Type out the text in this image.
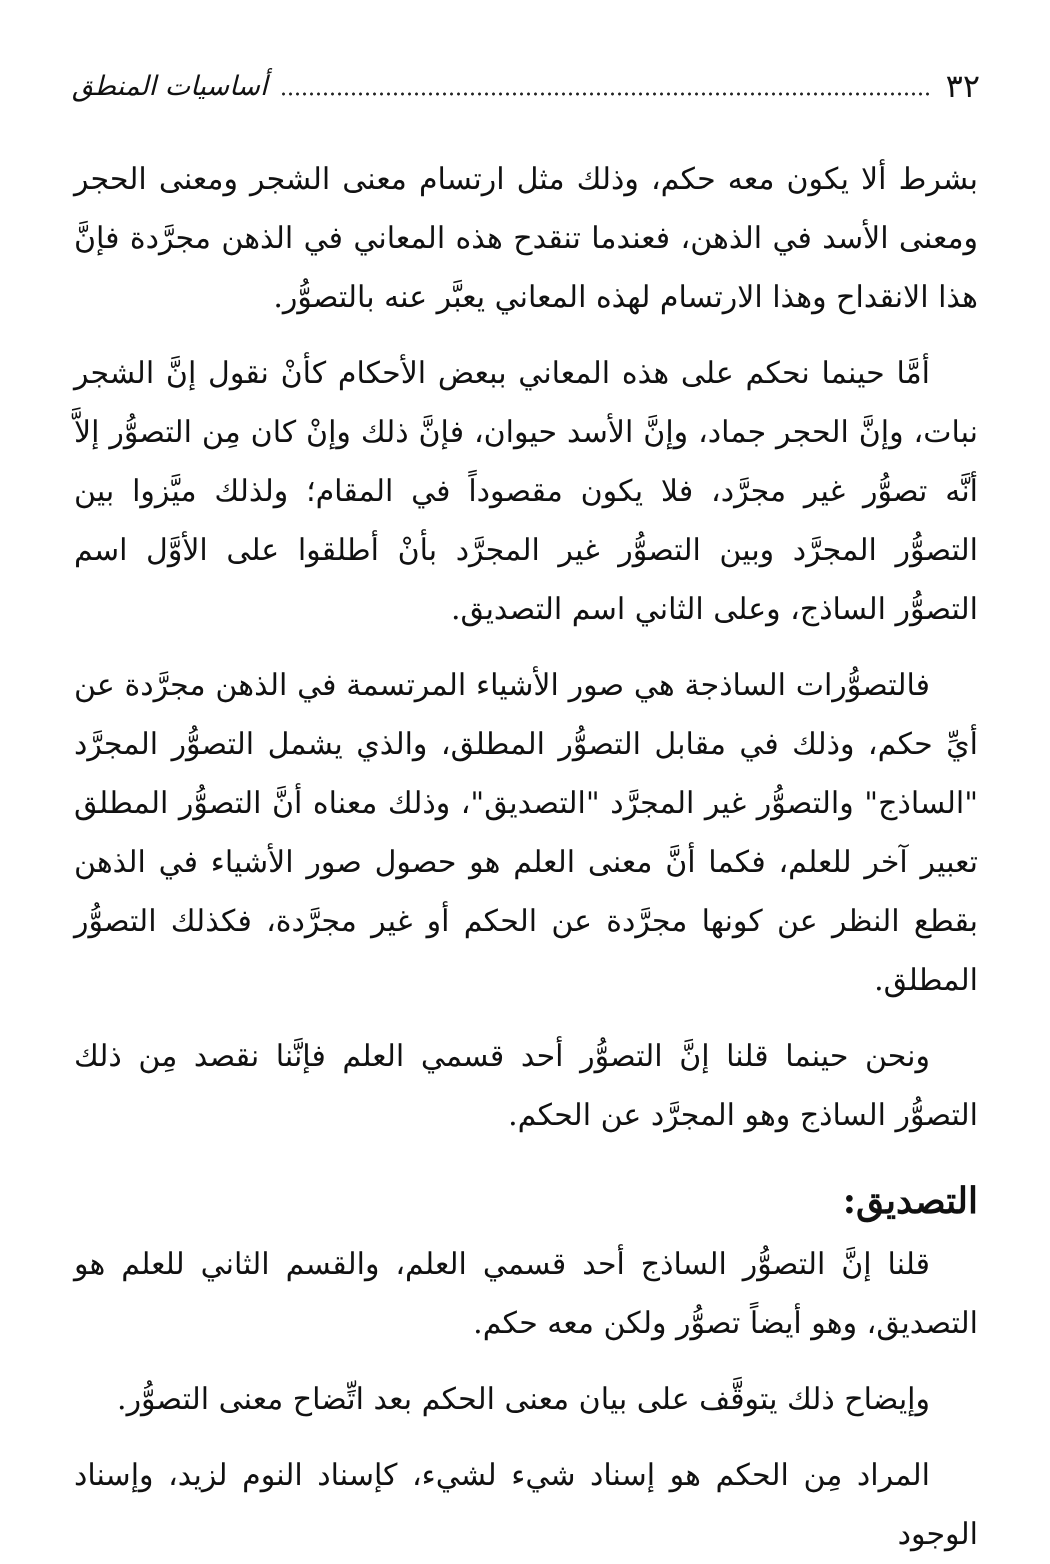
٣٢
أساسيات المنطق

بشرط ألا يكون معه حكم، وذلك مثل ارتسام معنى الشجر ومعنى الحجر ومعنى الأسد في الذهن، فعندما تنقدح هذه المعاني في الذهن مجرَّدة فإنَّ هذا الانقداح وهذا الارتسام لهذه المعاني يعبَّر عنه بالتصوُّر.

أمَّا حينما نحكم على هذه المعاني ببعض الأحكام كأنْ نقول إنَّ الشجر نبات، وإنَّ الحجر جماد، وإنَّ الأسد حيوان، فإنَّ ذلك وإنْ كان مِن التصوُّر إلاَّ أنَّه تصوُّر غير مجرَّد، فلا يكون مقصوداً في المقام؛ ولذلك ميَّزوا بين التصوُّر المجرَّد وبين التصوُّر غير المجرَّد بأنْ أطلقوا على الأوَّل اسم التصوُّر الساذج، وعلى الثاني اسم التصديق.

فالتصوُّرات الساذجة هي صور الأشياء المرتسمة في الذهن مجرَّدة عن أيِّ حكم، وذلك في مقابل التصوُّر المطلق، والذي يشمل التصوُّر المجرَّد "الساذج" والتصوُّر غير المجرَّد "التصديق"، وذلك معناه أنَّ التصوُّر المطلق تعبير آخر للعلم، فكما أنَّ معنى العلم هو حصول صور الأشياء في الذهن بقطع النظر عن كونها مجرَّدة عن الحكم أو غير مجرَّدة، فكذلك التصوُّر المطلق.

ونحن حينما قلنا إنَّ التصوُّر أحد قسمي العلم فإنَّنا نقصد مِن ذلك التصوُّر الساذج وهو المجرَّد عن الحكم.

التصديق:

قلنا إنَّ التصوُّر الساذج أحد قسمي العلم، والقسم الثاني للعلم هو التصديق، وهو أيضاً تصوُّر ولكن معه حكم.

وإيضاح ذلك يتوقَّف على بيان معنى الحكم بعد اتِّضاح معنى التصوُّر.

المراد مِن الحكم هو إسناد شيء لشيء، كإسناد النوم لزيد، وإسناد الوجود
